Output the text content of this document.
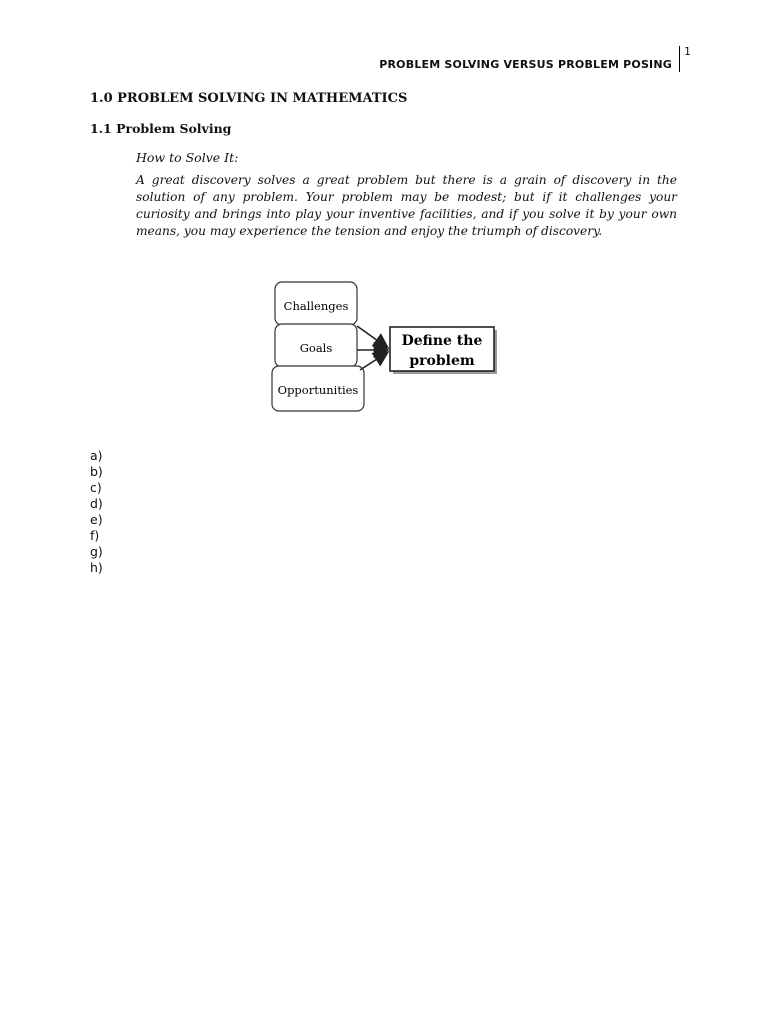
PROBLEM SOLVING VERSUS PROBLEM POSING
1
1.0 PROBLEM SOLVING IN MATHEMATICS
1.1 Problem Solving
How to Solve It:
A great discovery solves a great problem but there is a grain of discovery in the solution of any problem. Your problem may be modest; but if it challenges your curiosity and brings into play your inventive facilities, and if you solve it by your own means, you may experience the tension and enjoy the triumph of discovery.
Challenges
Goals
Opportunities
Define the
problem
a)
b)
c)
d)
e)
f)
g)
h)
